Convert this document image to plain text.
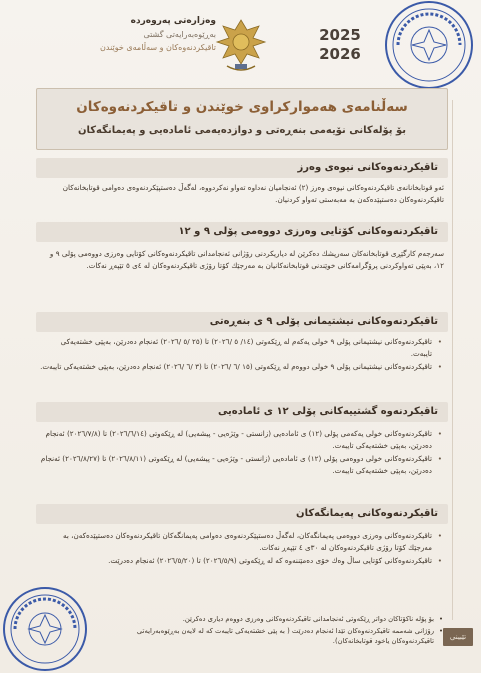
2025
2026
وەزارەتی پەروەردە
بەڕێوەبەرایەتی گشتی
تاقیکردنەوەکان و سەڵامەی خوێندن
سەڵنامەی هەمواركراوی خوێندن و تاقیكردنەوەكان
بۆ پۆلەكانی نۆیەمی بنەڕەتی و دوازدەیەمی ئامادەیی و پەیمانگەكان
تاقیكردنەوەكانی نیوەی وەرز
ئەو قوتابخانانەی تاقیكردنەوەكانی نیوەی وەرز (٢) ئەنجامیان نەداوە تەواو نەكردووە، لەگەڵ دەستپێكردنەوەی دەوامی قوتابخانەكان تاقیكردنەوەكان دەستپێدەكەن بە مەبەستی تەواو كردنیان.
تاقیكردنەوەكانی كۆتایی وەرزی دووەمی پۆلی ٩ و ١٢
سەرجەم كارگێڕی قوتابخانەكان سەرپشك دەكرێن لە دیاریكردنی رۆژانی ئەنجامدانی تاقیكردنەوەكانی كۆتایی وەرزی دووەمی پۆلی ٩ و ١٢، بەپێی تەواوكردنی پرۆگرامەكانی خوێندنی قوتابخانەكانیان بە مەرجێك كۆتا رۆژی تاقیكردنەوەكان لە ٤ی ٥ تێپەڕ نەكات.
تاقیكردنەوەكانی نیشتیمانی پۆلی ٩ ی بنەڕەتی
• تاقیكردنەوەكانی نیشتیمانی پۆلی ٩ خولی یەكەم لە ڕێكەوتی (١٤/ ٥ /٢٠٢٦) تا (٢٥ /٥ /٢٠٢٦) ئەنجام دەدرێن، بەپێی خشتەیەكی تایبەت.
• تاقیكردنەوەكانی نیشتیمانی پۆلی ٩ خولی دووەم لە ڕێكەوتی (١٥ /٦ /٢٠٢٦) تا (٣ /٦ /٢٠٢٦) ئەنجام دەدرێن، بەپێی خشتەیەكی تایبەت.
تاقیكردنەوە گشتییەكانی پۆلی ١٢ ی ئامادەیی
• تاقیكردنەوەكانی خولی یەكەمی پۆلی (١٢) ی ئامادەیی (زانستی - وێژەیی - پیشەیی) لە ڕێكەوتی (٢٠٢٦/٦/١٤) تا (٢٠٢٦/٧/٨) ئەنجام دەدرێن، بەپێی خشتەیەكی تایبەت.
• تاقیكردنەوەكانی خولی دووەمی پۆلی (١٢) ی ئامادەیی (زانستی - وێژەیی - پیشەیی) لە ڕێكەوتی (٢٠٢٦/٨/١١) تا (٢٠٢٦/٨/٢٧) ئەنجام دەدرێن، بەپێی خشتەیەكی تایبەت.
تاقیكردنەوەكانی پەیمانگەكان
• تاقیكردنەوەكانی وەرزی دووەمی پەیمانگەكان، لەگەڵ دەستپێكردنەوەی دەوامی پەیمانگەكان تاقیكردنەوەكان دەستپێدەكەن، بە مەرجێك كۆتا رۆژی تاقیكردنەوەكان لە ٣٠ی ٤ تێپەڕ نەكات.
• تاقیكردنەوەكانی كۆتایی ساڵ وەك خۆی دەمێننەوە كە لە ڕێكەوتی (٢٠٢٦/٥/٩) تا (٢٠٢٦/٥/٢٠) ئەنجام دەدرێت.
• بۆ پۆلە ناكۆتاكان دواتر ڕێكەوتی ئەنجامدانی تاقیكردنەوەكانی وەرزی دووەم دیاری دەكرێن.
• رۆژانی شەممە تاقیكردنەوەكان تێدا ئەنجام دەدرێت ( بە پێی خشتەیەكی تایبەت كە لە لایەن بەڕێوەبەرایەتی تاقیكردنەوەكان یاخود قوتابخانەكان).	تێبینی
